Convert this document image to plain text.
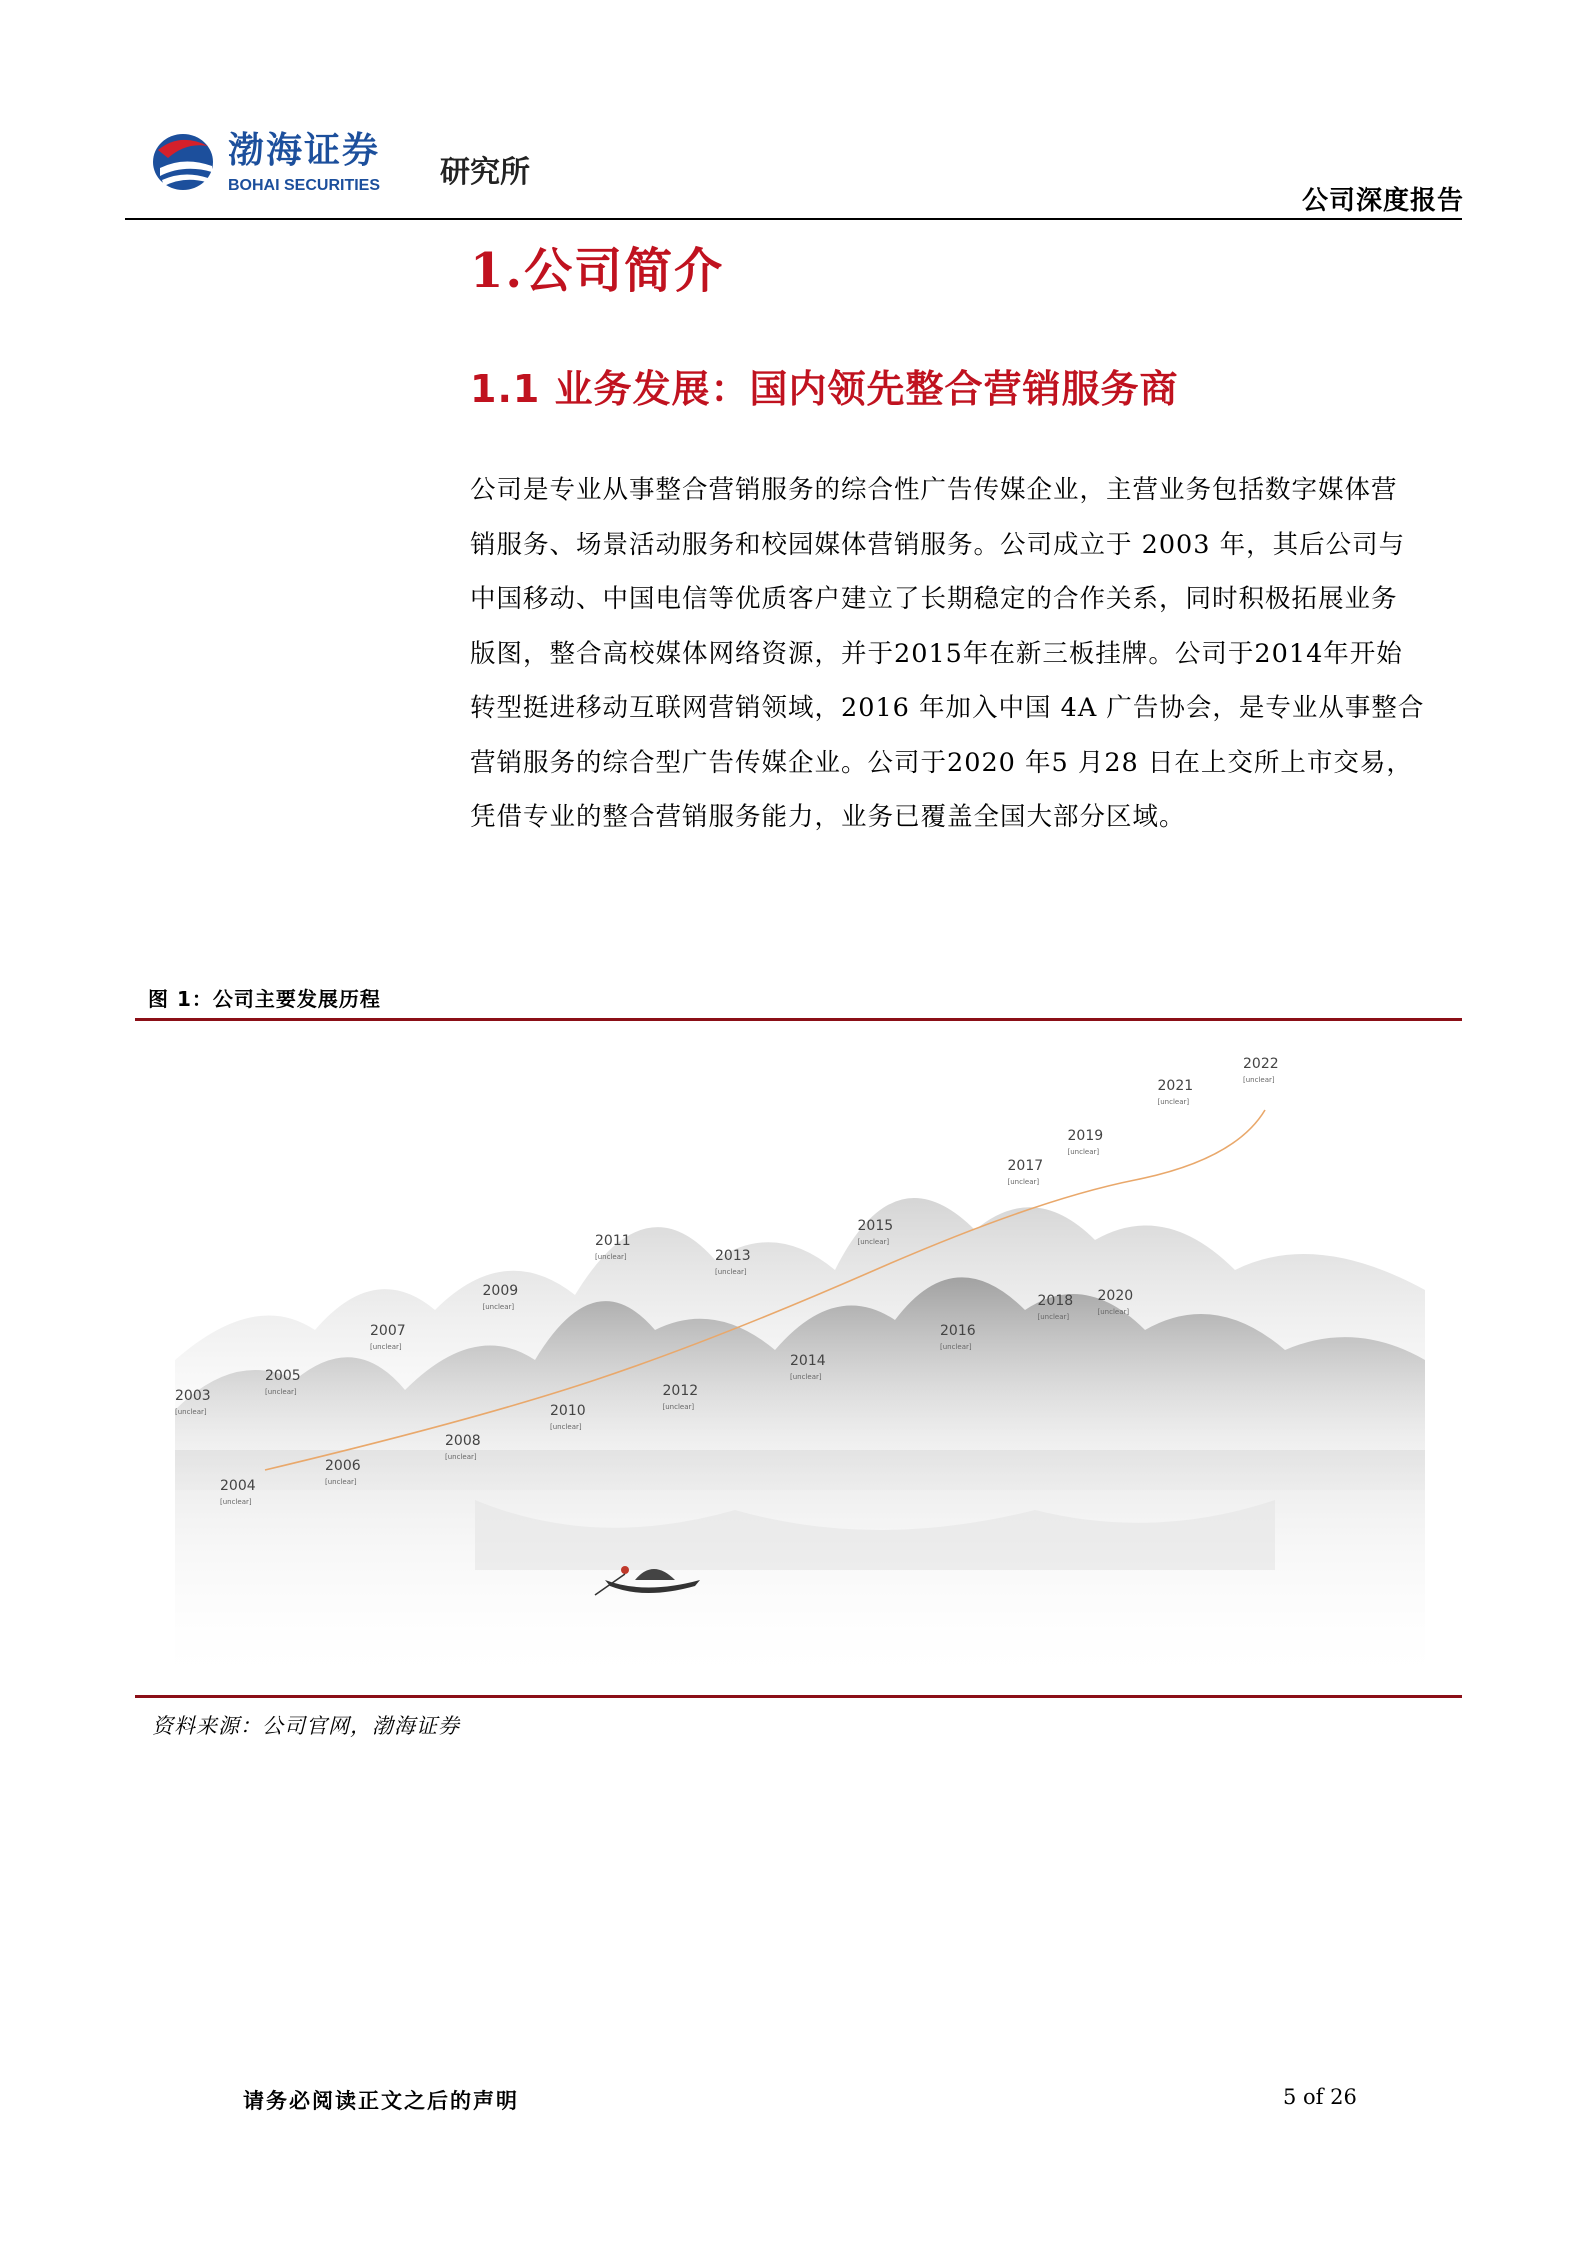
渤海证券
BOHAI SECURITIES 研究所
公司深度报告
1.公司简介
1.1 业务发展：国内领先整合营销服务商
公司是专业从事整合营销服务的综合性广告传媒企业，主营业务包括数字媒体营
销服务、场景活动服务和校园媒体营销服务。公司成立于 2003 年，其后公司与
中国移动、中国电信等优质客户建立了长期稳定的合作关系，同时积极拓展业务
版图，整合高校媒体网络资源，并于2015年在新三板挂牌。公司于2014年开始
转型挺进移动互联网营销领域，2016 年加入中国 4A 广告协会，是专业从事整合
营销服务的综合型广告传媒企业。公司于2020 年5 月28 日在上交所上市交易，
凭借专业的整合营销服务能力，业务已覆盖全国大部分区域。
图 1：公司主要发展历程
2003
[unclear]
2004
[unclear]
2005
[unclear]
2006
[unclear]
2007
[unclear]
2008
[unclear]
2009
[unclear]
2010
[unclear]
2011
[unclear]
2012
[unclear]
2013
[unclear]
2014
[unclear]
2015
[unclear]
2016
[unclear]
2017
[unclear]
2018
[unclear]
2019
[unclear]
2020
[unclear]
2021
[unclear]
2022
[unclear]
资料来源：公司官网，渤海证券
请务必阅读正文之后的声明	5 of 26
